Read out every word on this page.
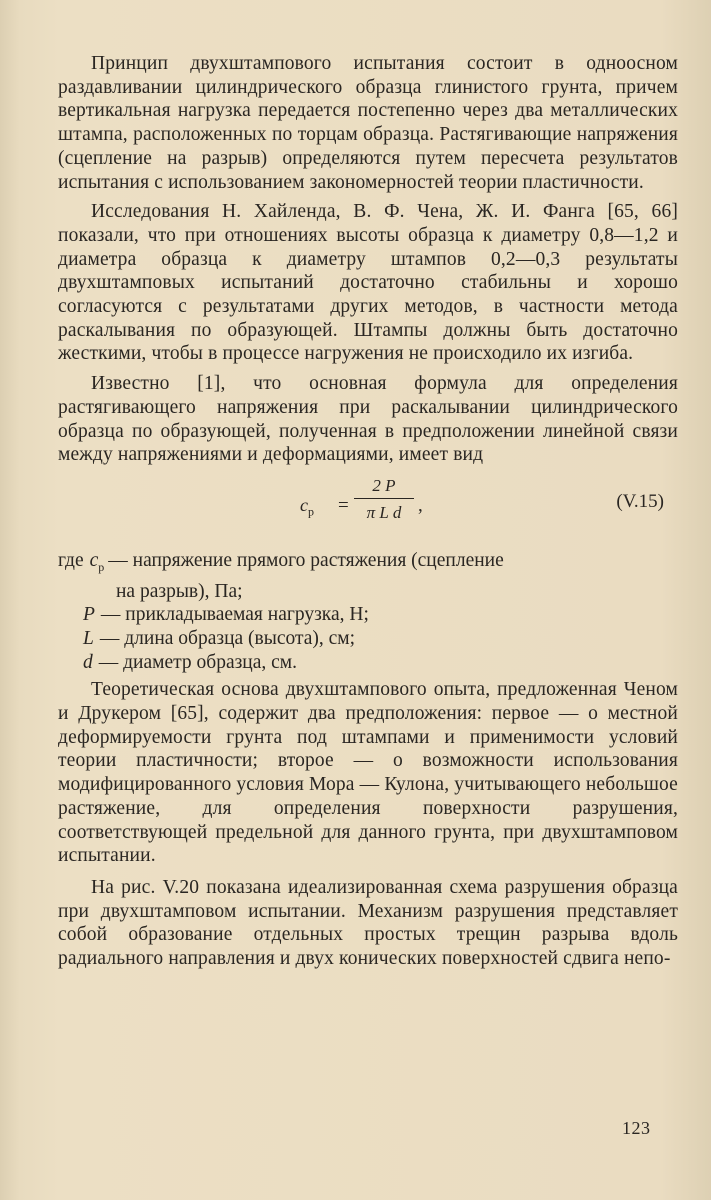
Принцип двухштампового испытания состоит в одноосном раздавливании цилиндрического образца глинистого грунта, причем вертикальная нагрузка передается постепенно через два металлических штампа, расположенных по торцам образца. Растягивающие напряжения (сцепление на разрыв) определяются путем пересчета результатов испытания с использованием закономерностей теории пластичности.

Исследования Н. Хайленда, В. Ф. Чена, Ж. И. Фанга [65, 66] показали, что при отношениях высоты образца к диаметру 0,8—1,2 и диаметра образца к диаметру штампов 0,2—0,3 результаты двухштамповых испытаний достаточно стабильны и хорошо согласуются с результатами других методов, в частности метода раскалывания по образующей. Штампы должны быть достаточно жесткими, чтобы в процессе нагружения не происходило их изгиба.

Известно [1], что основная формула для определения растягивающего напряжения при раскалывании цилиндрического образца по образующей, полученная в предположении линейной связи между напряжениями и деформациями, имеет вид

$c_р$ =
2 P
π L d ,	(V.15)
где $c_р$ — напряжение прямого растяжения (сцепление
на разрыв), Па;
P — прикладываемая нагрузка, Н;
L — длина образца (высота), см;
d — диаметр образца, см.

Теоретическая основа двухштампового опыта, предложенная Ченом и Друкером [65], содержит два предположения: первое — о местной деформируемости грунта под штампами и применимости условий теории пластичности; второе — о возможности использования модифицированного условия Мора — Кулона, учитывающего небольшое растяжение, для определения поверхности разрушения, соответствующей предельной для данного грунта, при двухштамповом испытании.

На рис. V.20 показана идеализированная схема разрушения образца при двухштамповом испытании. Механизм разрушения представляет собой образование отдельных простых трещин разрыва вдоль радиального направления и двух конических поверхностей сдвига непо-

123
